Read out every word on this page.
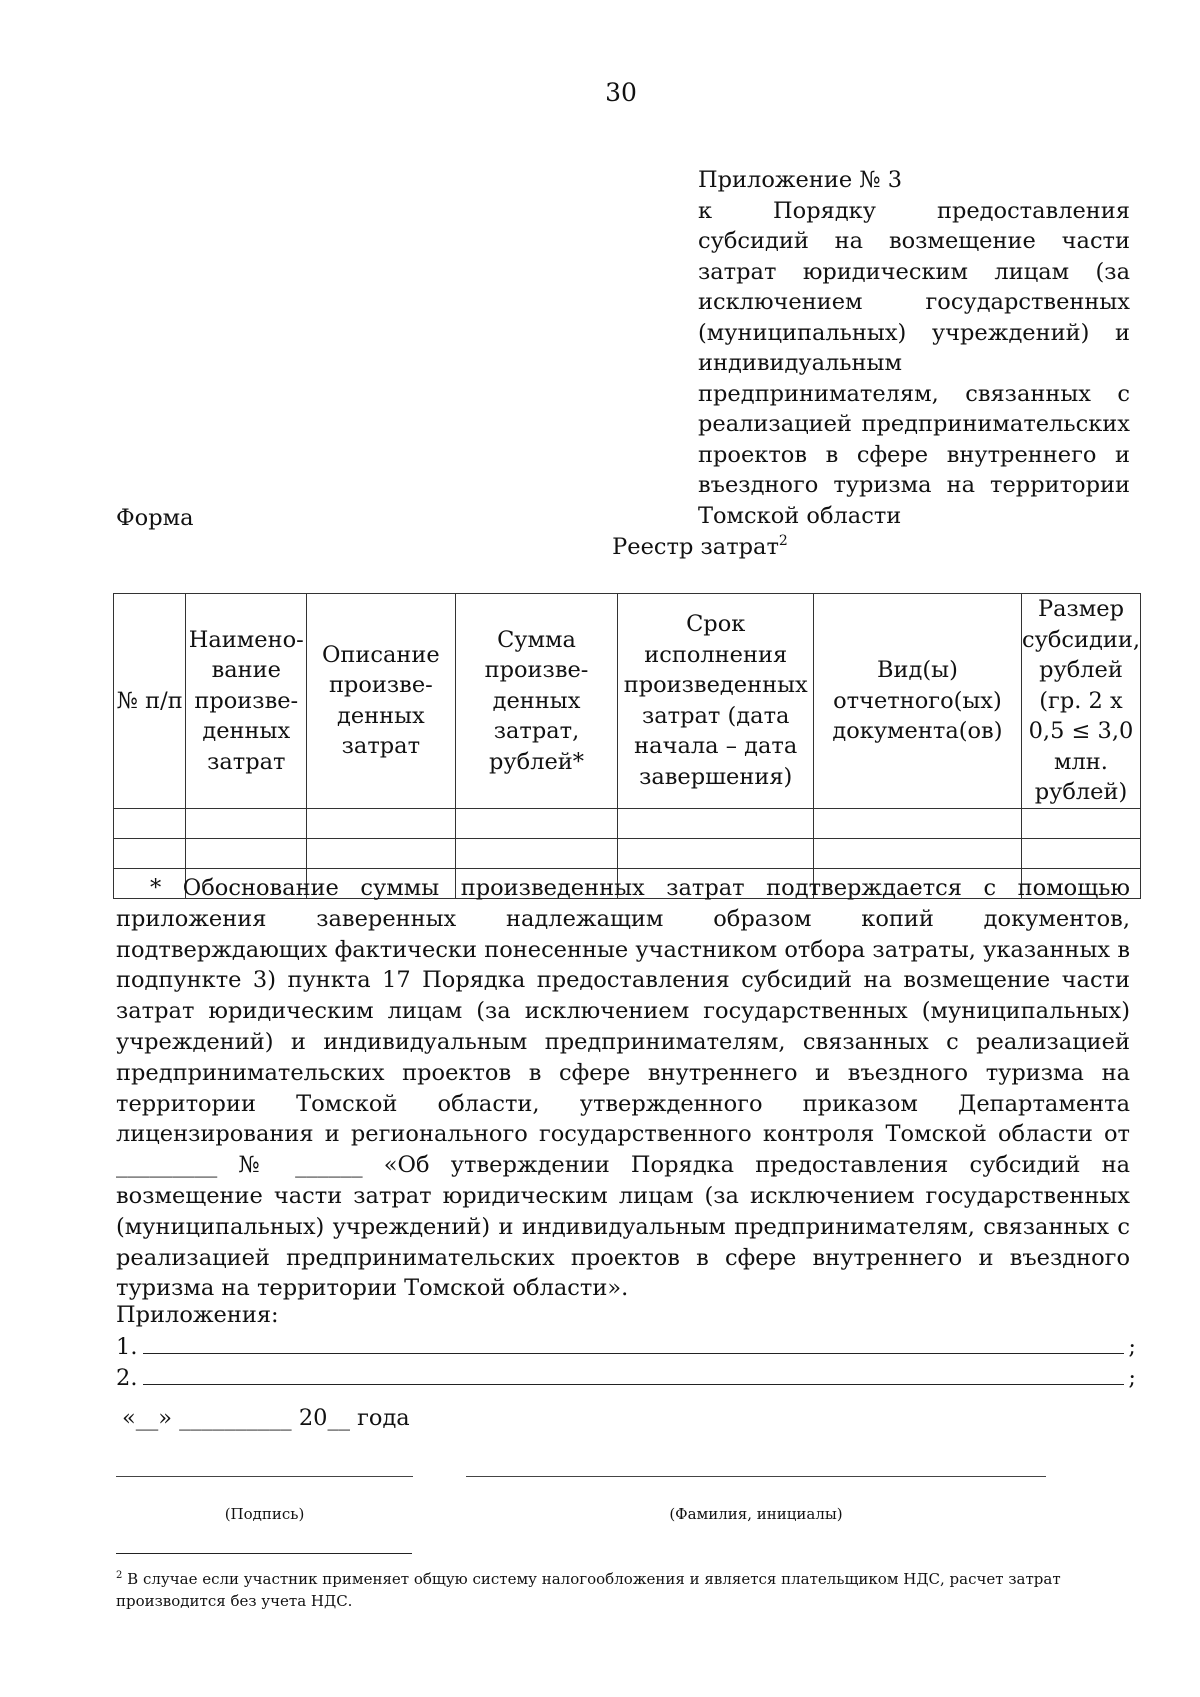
30
Приложение № 3
к Порядку предоставления субсидий на возмещение части затрат юридическим лицам (за исключением государственных (муниципальных) учреждений) и индивидуальным предпринимателям, связанных с реализацией предпринимательских проектов в сфере внутреннего и въездного туризма на территории Томской области
Форма
Реестр затрат$^2$
№ п/п	Наимено-вание произве-денных затрат	Описание произве-денных затрат	Сумма произве-денных затрат, рублей*	Срок исполнения произведенных затрат (дата начала – дата завершения)	Вид(ы) отчетного(ых) документа(ов)	Размер субсидии, рублей (гр. 2 x 0,5 ≤ 3,0 млн. рублей)

* Обоснование суммы произведенных затрат подтверждается с помощью приложения заверенных надлежащим образом копий документов, подтверждающих фактически понесенные участником отбора затраты, указанных в подпункте 3) пункта 17 Порядка предоставления субсидий на возмещение части затрат юридическим лицам (за исключением государственных (муниципальных) учреждений) и индивидуальным предпринимателям, связанных с реализацией предпринимательских проектов в сфере внутреннего и въездного туризма на территории Томской области, утвержденного приказом Департамента лицензирования и регионального государственного контроля Томской области от _________ № ______ «Об утверждении Порядка предоставления субсидий на возмещение части затрат юридическим лицам (за исключением государственных (муниципальных) учреждений) и индивидуальным предпринимателям, связанных с реализацией предпринимательских проектов в сфере внутреннего и въездного туризма на территории Томской области».
Приложения:
1.	;
2.	;
«__» __________ 20__ года
(Подпись)	(Фамилия, инициалы)
$^2$ В случае если участник применяет общую систему налогообложения и является плательщиком НДС, расчет затрат производится без учета НДС.
